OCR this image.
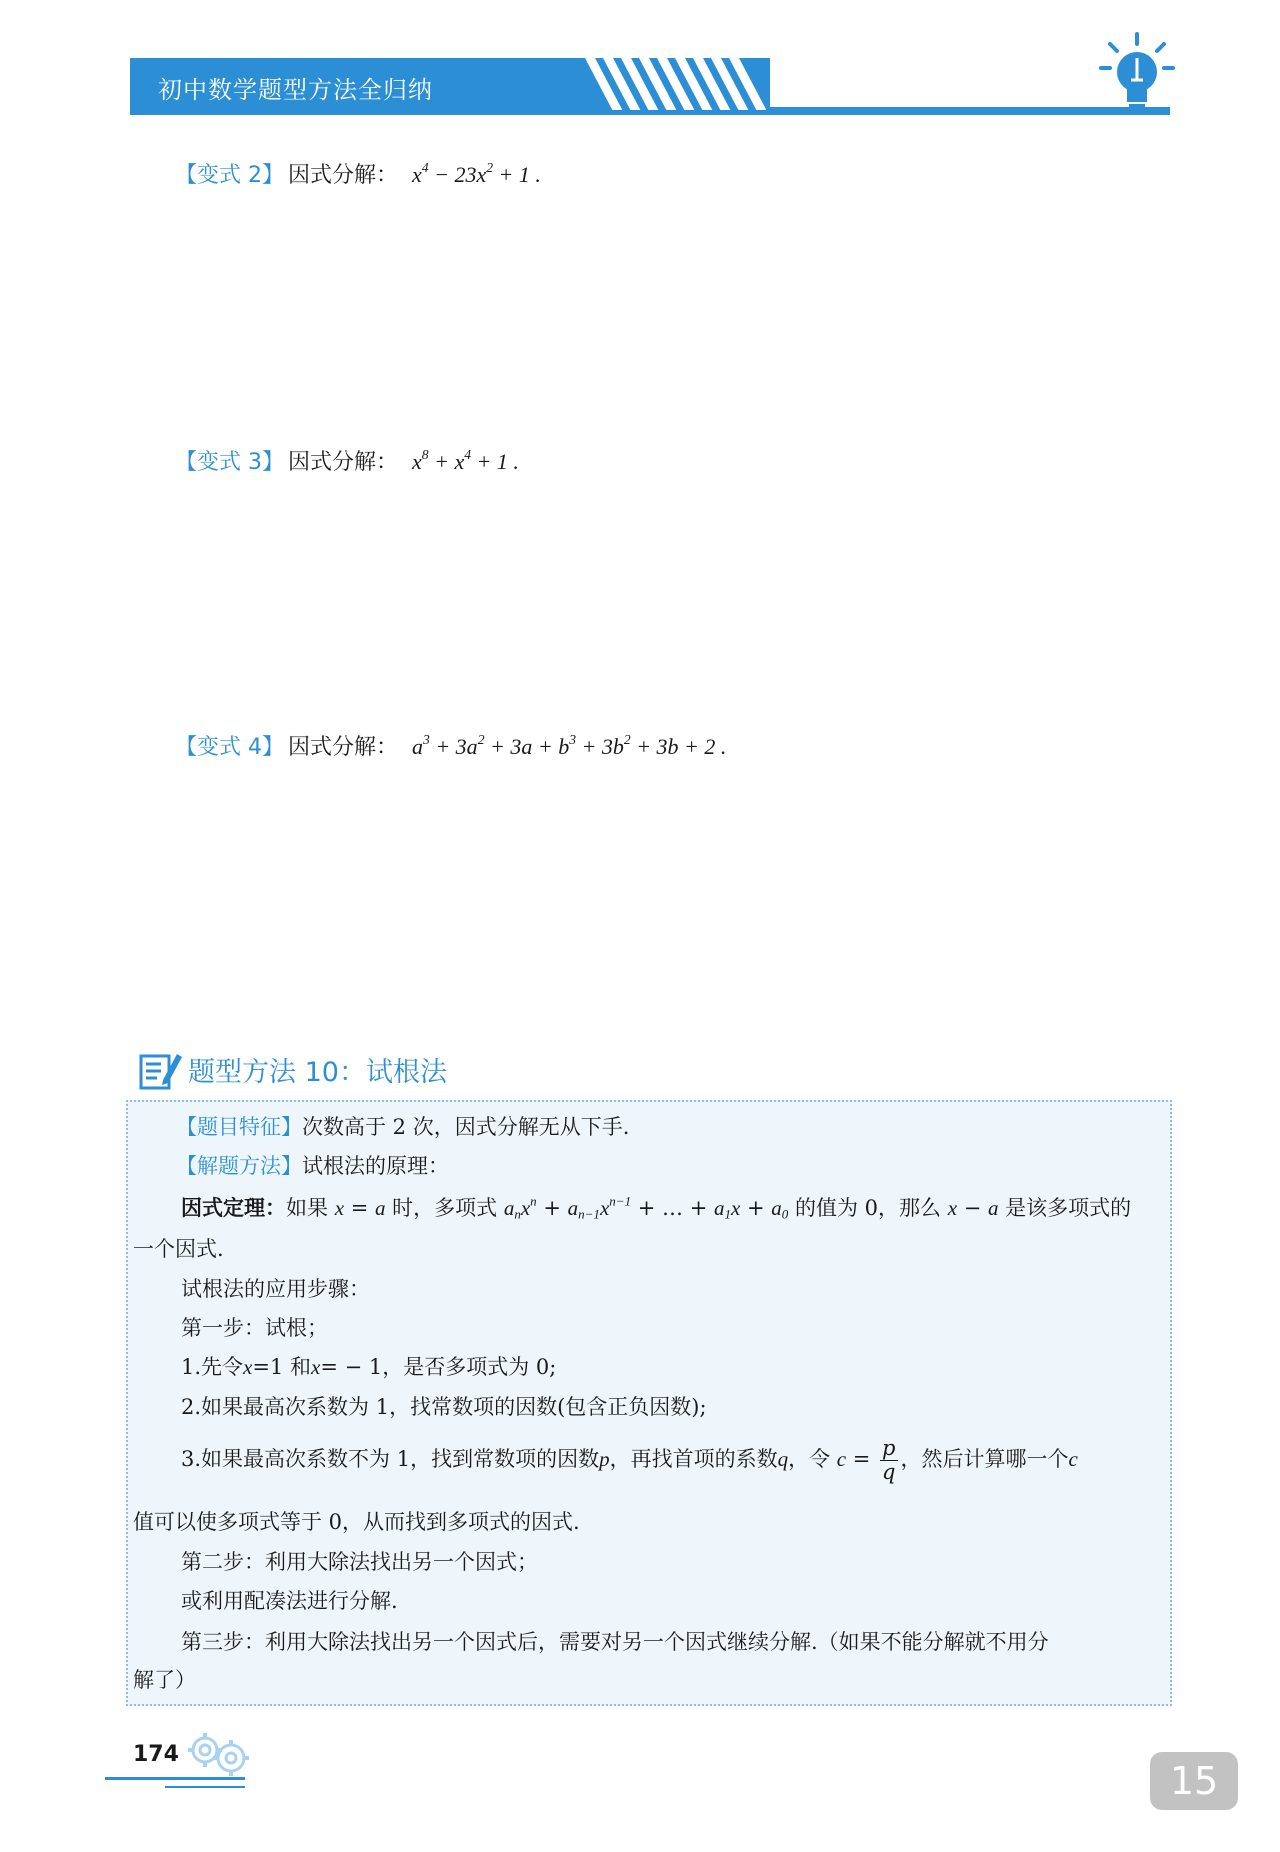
初中数学题型方法全归纳
【变式 2】 因式分解： $x^4 - 23x^2 + 1$ .
【变式 3】 因式分解： $x^8 + x^4 + 1$ .
【变式 4】 因式分解： $a^3 + 3a^2 + 3a + b^3 + 3b^2 + 3b + 2$ .
题型方法 10：试根法
【题目特征】次数高于 2 次，因式分解无从下手.
【解题方法】试根法的原理：
因式定理：如果 x = a 时，多项式 $a_nx^n + a_{n-1}x^{n-1}$ + … + $a_1x + a_0$ 的值为 0，那么 x − a 是该多项式的
一个因式.
试根法的应用步骤：
第一步：试根；
1.先令x=1 和x= − 1，是否多项式为 0;
2.如果最高次系数为 1，找常数项的因数(包含正负因数);
3.如果最高次系数不为 1，找到常数项的因数p，再找首项的系数q，令 $c = \frac{p}{q}$ ，然后计算哪一个c
值可以使多项式等于 0，从而找到多项式的因式.
第二步：利用大除法找出另一个因式；
或利用配凑法进行分解.
第三步：利用大除法找出另一个因式后，需要对另一个因式继续分解.（如果不能分解就不用分
解了）
174
15
